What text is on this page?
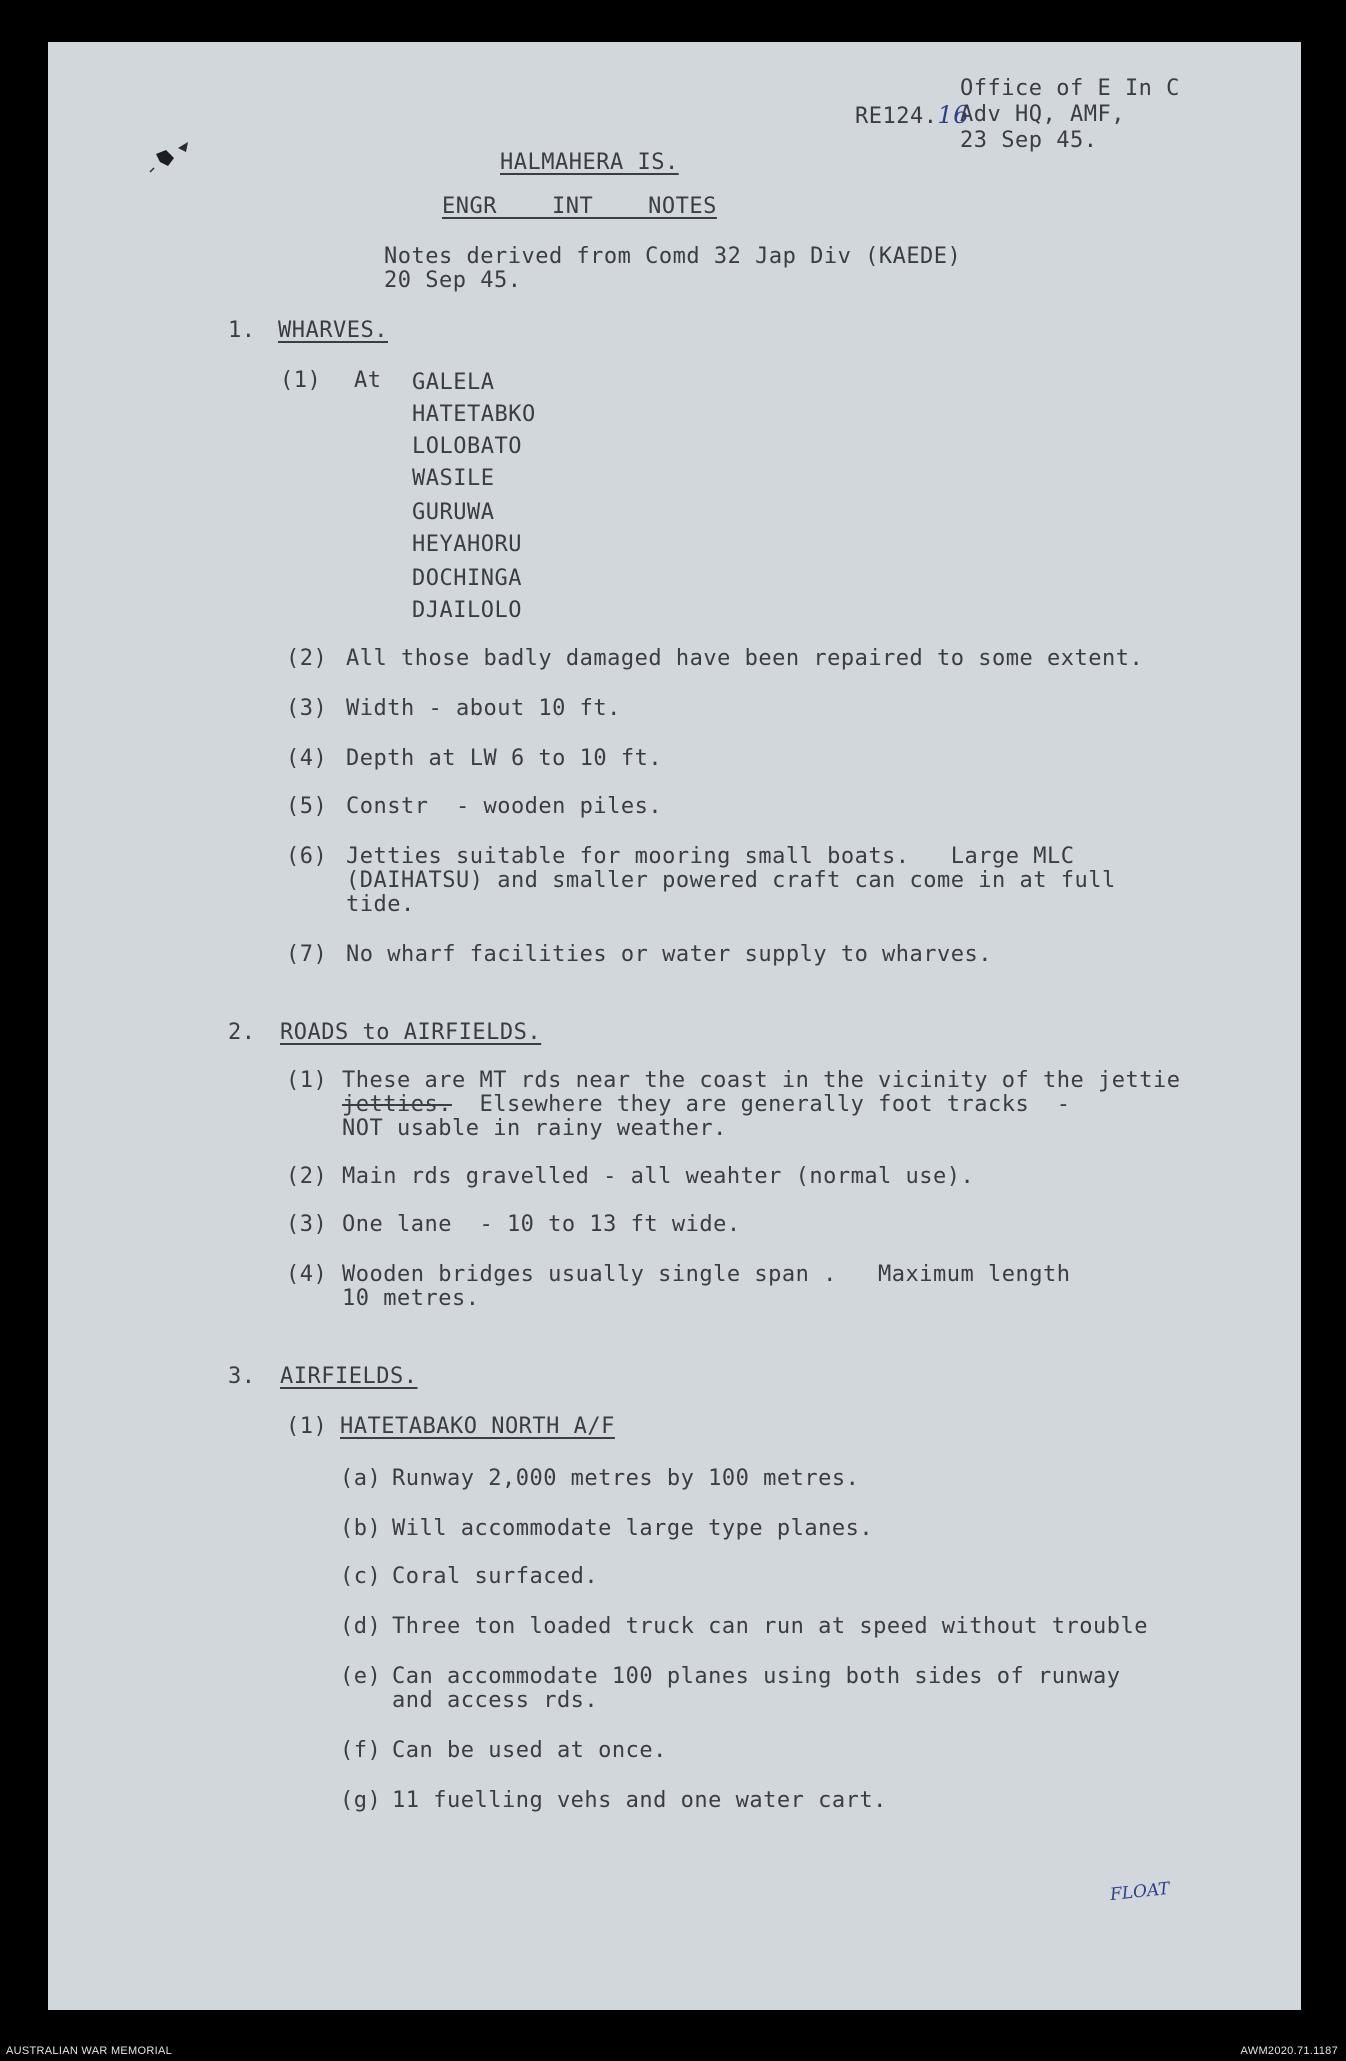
RE124.16

Office of E In C
Adv HQ, AMF,
23 Sep 45.
HALMAHERA IS.
ENGR    INT    NOTES
Notes derived from Comd 32 Jap Div (KAEDE)
20 Sep 45.
1. WHARVES.
(1) At GALELA
HATETABKO
LOLOBATO
WASILE
GURUWA
HEYAHORU
DOCHINGA
DJAILOLO
(2) All those badly damaged have been repaired to some extent.
(3) Width - about 10 ft.
(4) Depth at LW 6 to 10 ft.
(5) Constr  - wooden piles.
(6) Jetties suitable for mooring small boats.   Large MLC
(DAIHATSU) and smaller powered craft can come in at full
tide.
(7) No wharf facilities or water supply to wharves.
2. ROADS to AIRFIELDS.
(1) These are MT rds near the coast in the vicinity of the jettie
jetties.  Elsewhere they are generally foot tracks  -
NOT usable in rainy weather.
(2) Main rds gravelled - all weahter (normal use).
(3) One lane  - 10 to 13 ft wide.
(4) Wooden bridges usually single span .   Maximum length
10 metres.
3. AIRFIELDS.
(1) HATETABAKO NORTH A/F
(a) Runway 2,000 metres by 100 metres.
(b) Will accommodate large type planes.
(c) Coral surfaced.
(d) Three ton loaded truck can run at speed without trouble
(e) Can accommodate 100 planes using both sides of runway
and access rds.
(f) Can be used at once.
(g) 11 fuelling vehs and one water cart.
FLOAT
AUSTRALIAN WAR MEMORIAL	AWM2020.71.1187
